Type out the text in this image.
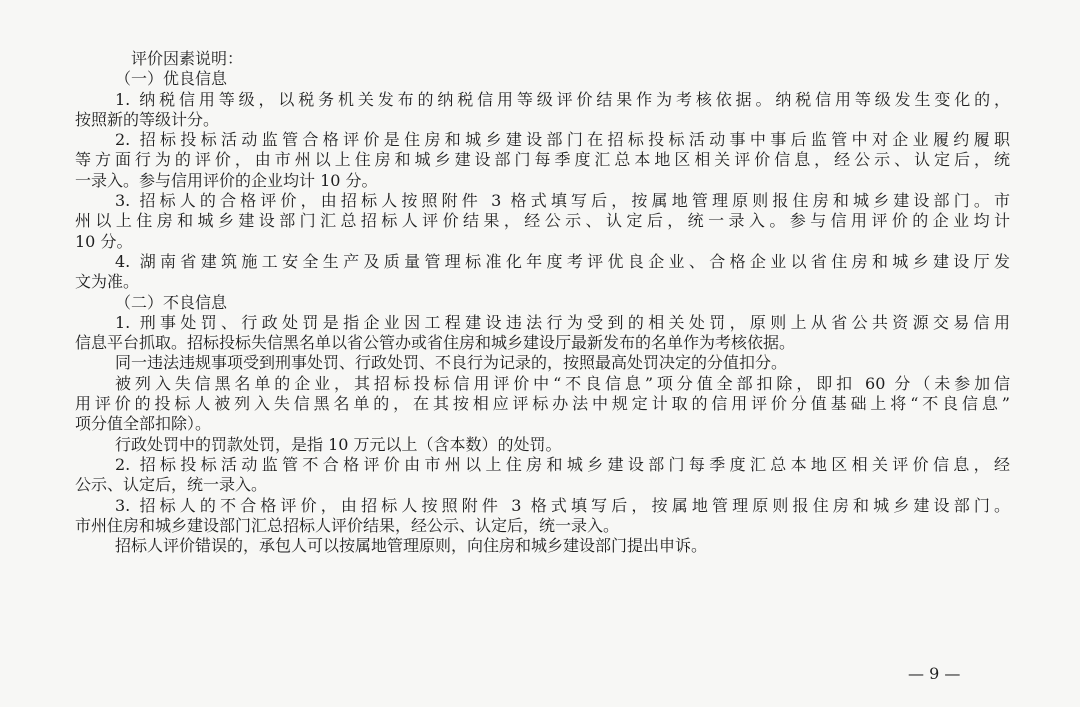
评价因素说明：
（一）优良信息
1. 纳税信用等级，以税务机关发布的纳税信用等级评价结果作为考核依据。纳税信用等级发生变化的，
按照新的等级计分。
2. 招标投标活动监管合格评价是住房和城乡建设部门在招标投标活动事中事后监管中对企业履约履职
等方面行为的评价，由市州以上住房和城乡建设部门每季度汇总本地区相关评价信息，经公示、认定后，统
一录入。参与信用评价的企业均计 10 分。
3. 招标人的合格评价，由招标人按照附件 3 格式填写后，按属地管理原则报住房和城乡建设部门。市
州以上住房和城乡建设部门汇总招标人评价结果，经公示、认定后，统一录入。参与信用评价的企业均计
10 分。
4. 湖南省建筑施工安全生产及质量管理标准化年度考评优良企业、合格企业以省住房和城乡建设厅发
文为准。
（二）不良信息
1. 刑事处罚、行政处罚是指企业因工程建设违法行为受到的相关处罚，原则上从省公共资源交易信用
信息平台抓取。招标投标失信黑名单以省公管办或省住房和城乡建设厅最新发布的名单作为考核依据。
同一违法违规事项受到刑事处罚、行政处罚、不良行为记录的，按照最高处罚决定的分值扣分。
被列入失信黑名单的企业，其招标投标信用评价中“不良信息”项分值全部扣除，即扣 60 分（未参加信
用评价的投标人被列入失信黑名单的，在其按相应评标办法中规定计取的信用评价分值基础上将“不良信息”
项分值全部扣除）。
行政处罚中的罚款处罚，是指 10 万元以上（含本数）的处罚。
2. 招标投标活动监管不合格评价由市州以上住房和城乡建设部门每季度汇总本地区相关评价信息，经
公示、认定后，统一录入。
3. 招标人的不合格评价，由招标人按照附件 3 格式填写后，按属地管理原则报住房和城乡建设部门。
市州住房和城乡建设部门汇总招标人评价结果，经公示、认定后，统一录入。
招标人评价错误的，承包人可以按属地管理原则，向住房和城乡建设部门提出申诉。
— 9 —
